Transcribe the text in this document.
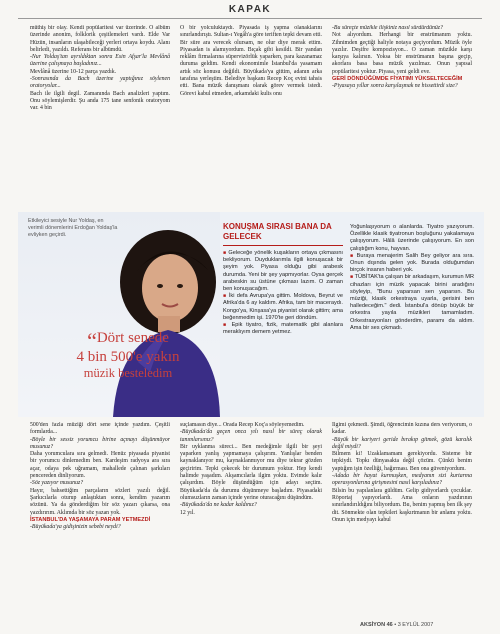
KAPAK

müthiş bir olay. Kendi popülaritesi var üzerinde. O albüm üzerinde anonim, folklorik çeşitlemeleri vardı. Elde Var Hüzün, insanların ulaşabileceği yerleri ortaya koydu. Alanı belirledi, yazıldı. Referans bir albümdü.

-Nur Yoldaş'tan ayrıldıktan sonra Esin Afşar'la Mevlânâ üzerine çalışmaya başladınız...

Mevlânâ üzerine 10-12 parça yazdık.

-Sonrasında da Bach üzerine yaptığınız söylenen oratoryolar...

Bach ile ilgili degil. Zamanında Bach analizleri yaptım. Onu söylemişlerdir. Şu anda 175 tane senfonik oratoryom var. 4 bin

O bir yolculuktaydı. Piyasada iş yapma olanaklarını sınırlandırıştı. Sultan-ı Yegâh'a göre teriften tepki devam etti. Bir süre ara verecek olursam, ne olur diye merak ettim. Piyasadan is alamıyordum. Bıçak gibi kesildi. Bir yandan reklâm firmalarına süpervizörlük yaparken, para kazanamaz duruma geldim. Kendi ekonomimle İstanbul'da yasamam artık söz konusu değildi. Büyükada'ya gittim, adanın arka tarafına yerleştim. Belediye başkanı Recep Koç evini tahsis etti. Bana müzik danışmanı olarak görev vermek istedi. Görevi kabul etmeden, arkamdaki kulis onu

-Bu süreçte müzikle ilişkiniz nasıl sürdürdünüz?

Not alıyordum. Herhangi bir enstrümanım yoktu. Zihnimden geçtiği haliyle notaya geçiyordum. Müzik öyle yazılır. Deşifre kompozisyon... O zaman müzikle karşı karşıya kalırsın. Yoksa bir enstrümanın başına geçip, akorlara basa basa müzik yazılmaz. Onun yapısal popülaritesi yoktur. Piyasa, yeni geldi eve.

GERİ DÖNDÜĞÜMDE FİYATIMI YÜKSELTECEĞİM

-Piyasaya yıllar sonra karşılaşmak ne hissettirdi size?

Etkileyici sesiyle Nur Yoldaş, en verimli dönemlerini Erdoğan Yoldaş'la evliyken geçirdi.
“Dört senede
4 bin 500'e yakın
müzik besteledim
KONUŞMA SIRASI BANA DA GELECEK

■ Geleceğe yönelik kuşakların ortaya çıkmasını bekliyorum. Duyduklarımla ilgili konuşacak bir şeyim yok. Piyasa olduğu gibi arabesk durumda. Yeni bir şey yapmıyorlar. Oysa gerçek arabeskin su üstüne çıkması lazım. O zaman ben konuşacağım.

■ İki defa Avrupa'ya gittim. Moldova, Beyrut ve Afrika'da 6 ay kaldım. Afrika, tam bir maceraydı. Kongo'ya, Kinşasa'ya piyanist olarak gittim; ama beğenmedim işi. 1970'te geri döndüm.

■ Epik tiyatro, fizik, matematik gibi alanlara meraklıyım demem yetmez.

Yoğunlaşıyorum o alanlarda. Tiyatro yazıyorum. Özellikle klasik tiyatronun boşluğunu yakalamaya çalışıyorum. Hâlâ üzerinde çalışıyorum. En son çalıştığım konu, hayvan.

■ Buraya menajerim Salih Bey geliyor ara sıra. Onun dışında gelen yok. Burada olduğumdan birçok insanın haberi yok.

■ TÜBİTAK'ta çalışan bir arkadaşım, kurumun MR cihazları için müzik yapacak birini aradığını söyleyip, "Bunu yaparsan sen yaparsın. Bu müziği, klasik orkestraya uyarla, gerisini ben halledeceğim." dedi. İstanbul'a dönüp büyük bir orkestra yayıla müzikleri tamamladım. Orkestrasyonları gönderdim, paramı da aldım. Ama bir ses çıkmadı.

500'den fazla müziği dört sene içinde yazdım. Çeşitli formlarda...

-Böyle bir sessiz yorumcu birine açmayı düşünmüyor musunuz?

Daha yorumculara sıra gelmedi. Henüz piyasada piyanist bir yorumcu dinlemedim ben. Kardeşim radyoya ara sıra açar, odaya pek uğramam, mahallede çalınan şarkıları pencereden dinliyorum.

-Söz yazıyor musunuz?

Hayır, bahsettiğim parçaların sözleri yazılı değil. Şarkıcılarla oturup anlaştıktan sonra, kendim yazarım sözünü. Ya da gönderdiğim bir söz yazarı çıkarsa, ona yazdırırım. Aklımda bir söz yazan yok.

İSTANBUL'DA YAŞAMAYA PARAM YETMEZDİ

-Büyükada'ya gidişinizin sebebi neydi?

suçlamasın diye... Orada Recep Koç'a söyleyemedim.

-Büyükada'da geçen onca yılı nasıl bir süreç olarak tanımlarsınız?

Bir uyklanma süreci... Ben medeğimle ilgili bir şeyi yaparken yanlış yapmamaya çalışırım. Yanlışlar benden kaynaklanıyor mu, kaynaklanmıyor mu diye tekrar gözden geçiririm. Tepki çekecek bir durumum yoktur. Hep kendi halimde yaşadım. Akşamcılarla ilgim yoktu. Evimde kalır çalışırdım. Böyle düşündüğüm için adayı seçtim. Büyükada'da da durumu düşünmeye başladım. Piyasadaki olumsuzların zaman içinde yerine oturacağını düşündüm.

-Büyükada'da ne kadar kaldınız?

12 yıl.

İlgimi çekmedi. Şimdi, öğrencimin kızına ders veriyorum, o kadar.

-Büyük bir kariyeri geride bırakıp gitmek, gözü karalık değil miydi?

Bilmem ki! Uzaklamamam gerekiyordu. Sisteme bir tepkiydi. Topkı dünyasakta değil çözüm. Çünkü benim yaptığım işin özelliği, hağırması. Ben ona güveniyordum.

-Adada bir hayat kurmuşken, medyanın sizi kurtarma operasyonlarına girişmesini nasıl karşıladınız?

Bilsin bu yapılanlara güldüm. Gelip gidiyorlardı çocuklar. Röportaj yapıyorlardı. Ama onların yazdırının sınırlandırıldığını biliyordum. Bu, benim yapmış ben ilk şey dit. Sönmekte olan tepkileri kaşkırtmanın bir anlamı yoktu. Onun için medyayı kabul

AKSİYON 46 • 3 EYLÜL 2007
